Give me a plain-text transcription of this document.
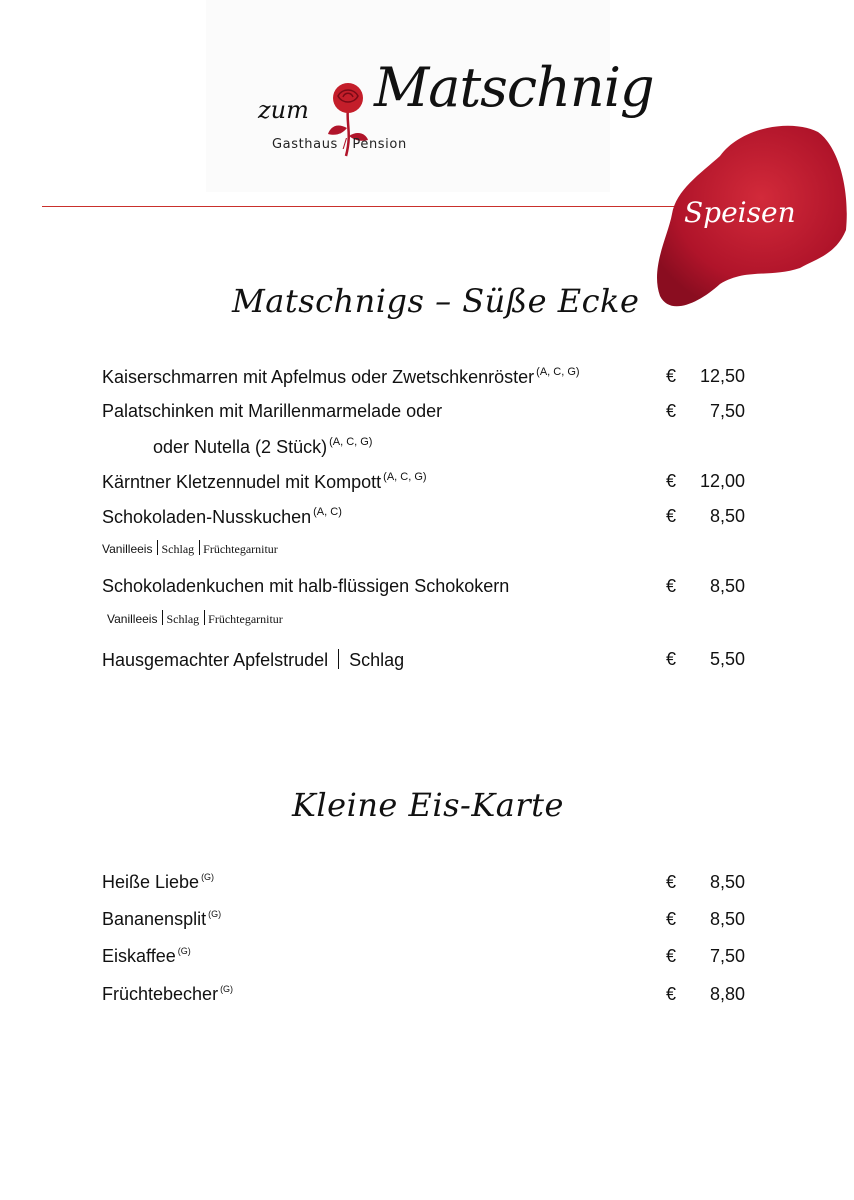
zum Matschnig
Gasthaus / Pension
Speisen
Matschnigs – Süße Ecke
Kaiserschmarren mit Apfelmus oder Zwetschkenröster $^{(A, C, G)}$	€ 12,50
Palatschinken mit Marillenmarmelade oder	€ 7,50
oder Nutella (2 Stück) $^{(A, C, G)}$
Kärntner Kletzennudel mit Kompott $^{(A, C, G)}$	€ 12,00
Schokoladen-Nusskuchen $^{(A, C)}$	€ 8,50
Vanilleeis Schlag Früchtegarnitur
Schokoladenkuchen mit halb-flüssigen Schokokern	€ 8,50
Vanilleeis Schlag Früchtegarnitur
Hausgemachter Apfelstrudel Schlag	€ 5,50
Kleine Eis-Karte
Heiße Liebe $^{(G)}$	€ 8,50
Bananensplit $^{(G)}$	€ 8,50
Eiskaffee $^{(G)}$	€ 7,50
Früchtebecher $^{(G)}$	€ 8,80
